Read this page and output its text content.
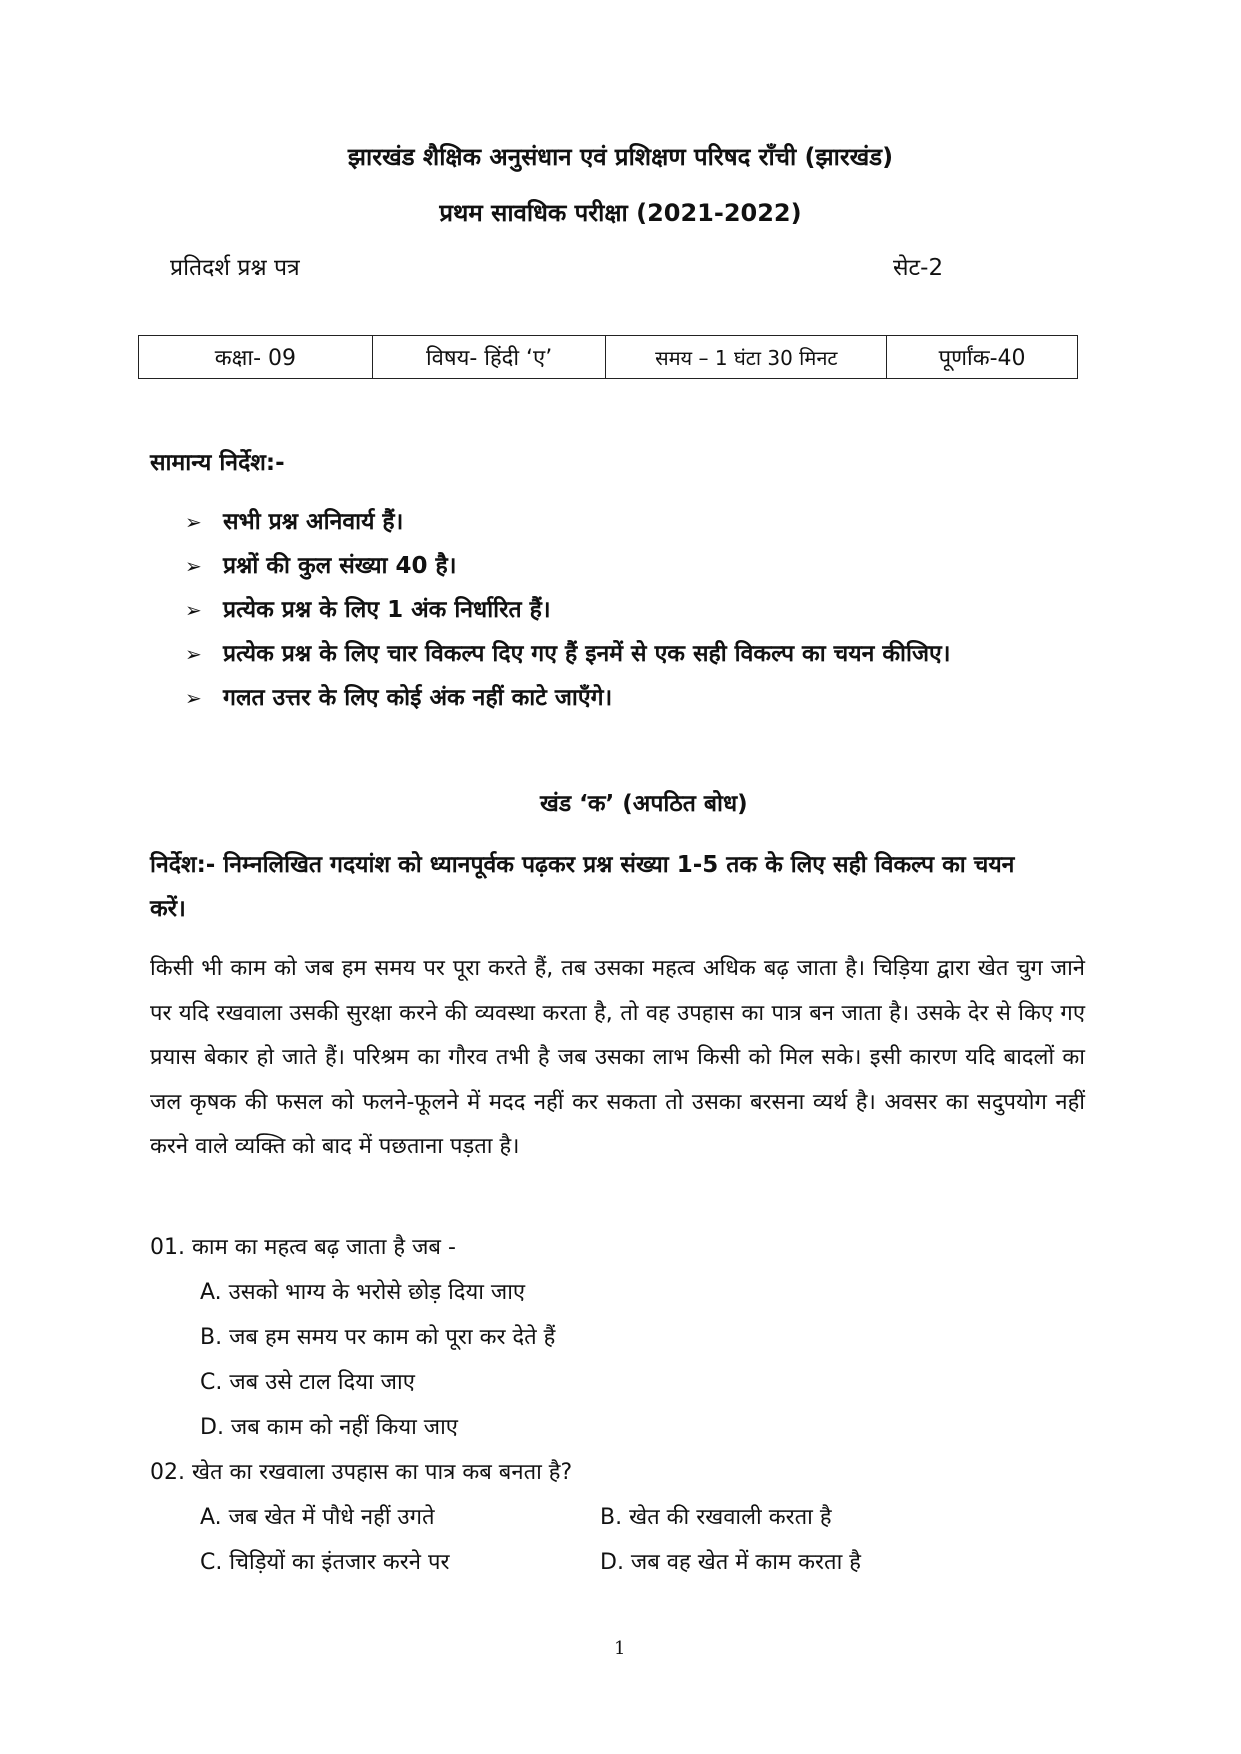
झारखंड शैक्षिक अनुसंधान एवं प्रशिक्षण परिषद राँची (झारखंड)
प्रथम सावधिक परीक्षा (2021-2022)
प्रतिदर्श प्रश्न पत्र	सेट-2
कक्षा- 09	विषय- हिंदी ‘ए’	समय – 1 घंटा 30 मिनट	पूर्णांक-40
सामान्य निर्देश:-
➢ सभी प्रश्न अनिवार्य हैं।
➢ प्रश्नों की कुल संख्या 40 है।
➢ प्रत्येक प्रश्न के लिए 1 अंक निर्धारित हैं।
➢ प्रत्येक प्रश्न के लिए चार विकल्प दिए गए हैं इनमें से एक सही विकल्प का चयन कीजिए।
➢ गलत उत्तर के लिए कोई अंक नहीं काटे जाएँगे।
खंड ‘क’ (अपठित बोध)
निर्देश:- निम्नलिखित गदयांश को ध्यानपूर्वक पढ़कर प्रश्न संख्या 1-5 तक के लिए सही विकल्प का चयन करें।
किसी भी काम को जब हम समय पर पूरा करते हैं, तब उसका महत्व अधिक बढ़ जाता है। चिड़िया द्वारा खेत चुग जाने पर यदि रखवाला उसकी सुरक्षा करने की व्यवस्था करता है, तो वह उपहास का पात्र बन जाता है। उसके देर से किए गए प्रयास बेकार हो जाते हैं। परिश्रम का गौरव तभी है जब उसका लाभ किसी को मिल सके। इसी कारण यदि बादलों का जल कृषक की फसल को फलने-फूलने में मदद नहीं कर सकता तो उसका बरसना व्यर्थ है। अवसर का सदुपयोग नहीं करने वाले व्यक्ति को बाद में पछताना पड़ता है।
01. काम का महत्व बढ़ जाता है जब -
A. उसको भाग्य के भरोसे छोड़ दिया जाए
B. जब हम समय पर काम को पूरा कर देते हैं
C. जब उसे टाल दिया जाए
D. जब काम को नहीं किया जाए
02. खेत का रखवाला उपहास का पात्र कब बनता है?
A. जब खेत में पौधे नहीं उगते	B. खेत की रखवाली करता है
C. चिड़ियों का इंतजार करने पर	D. जब वह खेत में काम करता है
1
